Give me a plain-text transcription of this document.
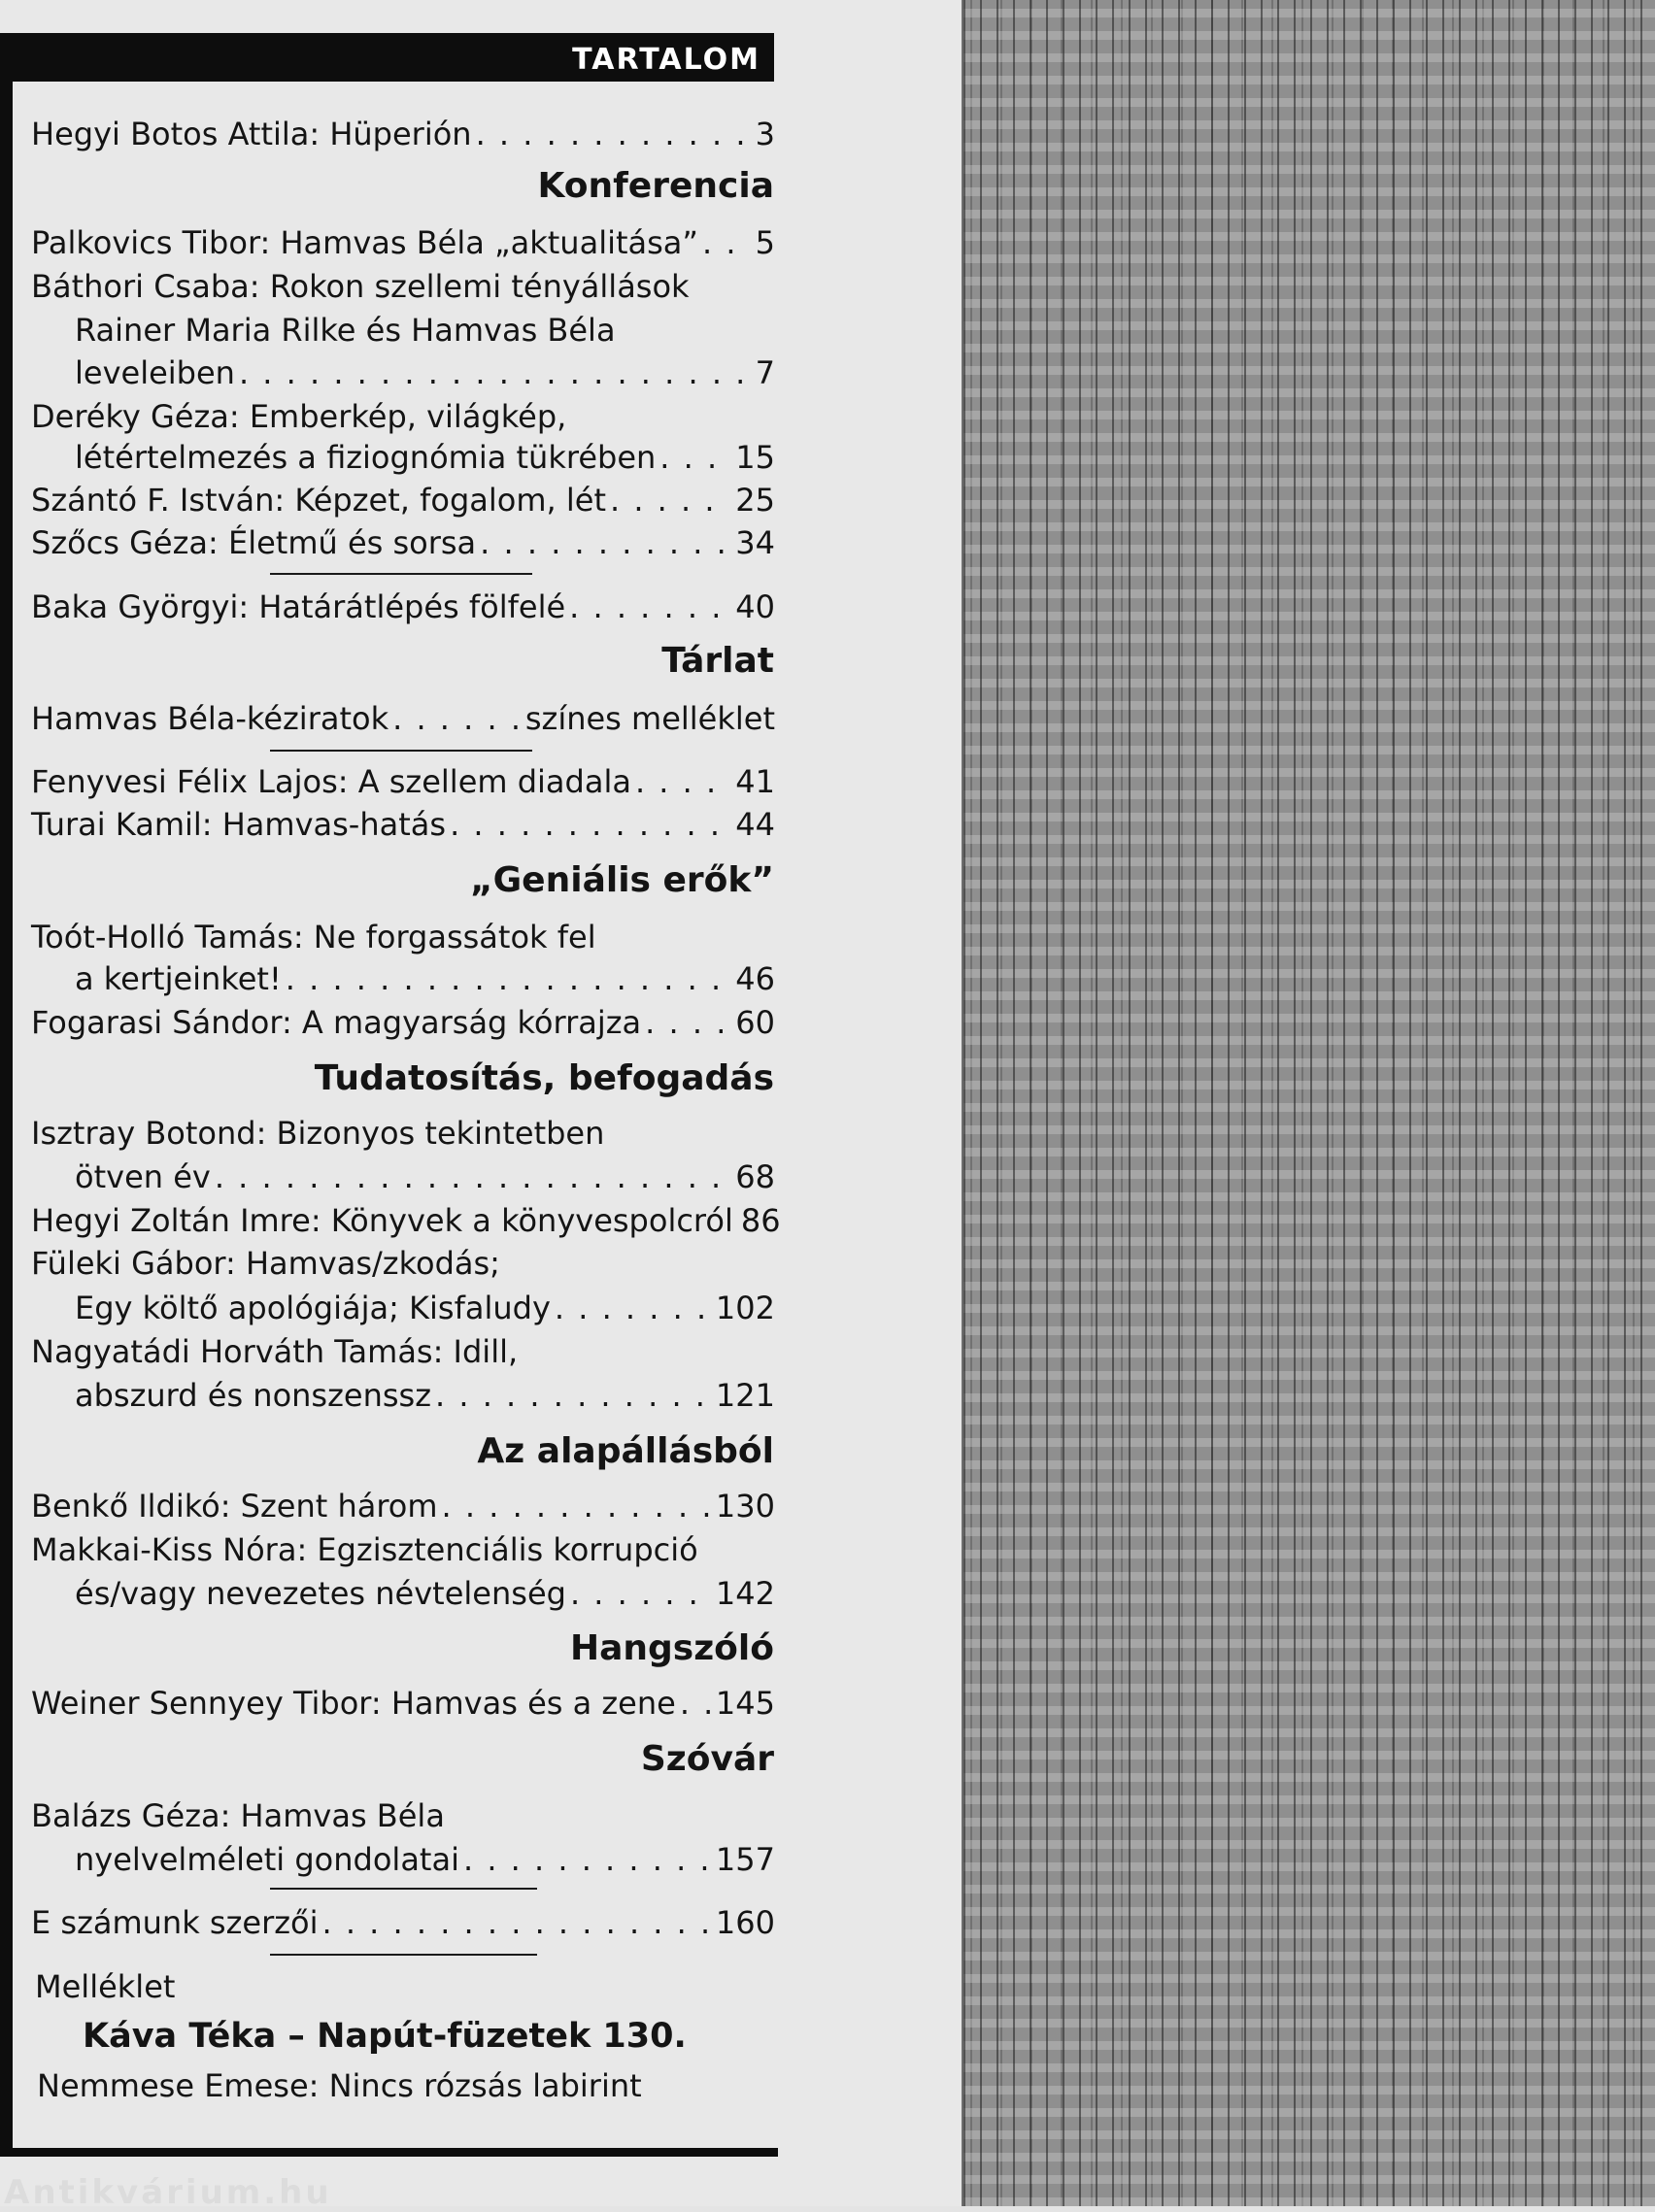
TARTALOM
Hegyi Botos Attila: Hüperión . . .	3
Konferencia
Palkovics Tibor: Hamvas Béla „aktualitása” . . . 5
Báthori Csaba: Rokon szellemi tényállások
Rainer Maria Rilke és Hamvas Béla
leveleiben . . .	7
Deréky Géza: Emberkép, világkép,
létértelmezés a fiziognómia tükrében . . .	15
Szántó F. István: Képzet, fogalom, lét . . .	25
Szőcs Géza: Életmű és sorsa . . .	34
Baka Györgyi: Határátlépés fölfelé . . .	40
Tárlat
Hamvas Béla-kéziratok . . .	színes melléklet
Fenyvesi Félix Lajos: A szellem diadala . . .	41
Turai Kamil: Hamvas-hatás . . .	44
„Geniális erők”
Toót-Holló Tamás: Ne forgassátok fel
a kertjeinket! . . .	46
Fogarasi Sándor: A magyarság kórrajza . . .	60
Tudatosítás, befogadás
Isztray Botond: Bizonyos tekintetben
ötven év . . .	68
Hegyi Zoltán Imre: Könyvek a könyvespolcról 86
Füleki Gábor: Hamvas/zkodás;
Egy költő apológiája; Kisfaludy . . .	102
Nagyatádi Horváth Tamás: Idill,
abszurd és nonszenssz . . .	121
Az alapállásból
Benkő Ildikó: Szent három . . .	130
Makkai-Kiss Nóra: Egzisztenciális korrupció
és/vagy nevezetes névtelenség . . .	142
Hangszóló
Weiner Sennyey Tibor: Hamvas és a zene . . . 145
Szóvár
Balázs Géza: Hamvas Béla
nyelvelméleti gondolatai . . .	157
E számunk szerzői . . .	160
Melléklet
Káva Téka – Napút-füzetek 130.
Nemmese Emese: Nincs rózsás labirint
Antikvárium.hu
